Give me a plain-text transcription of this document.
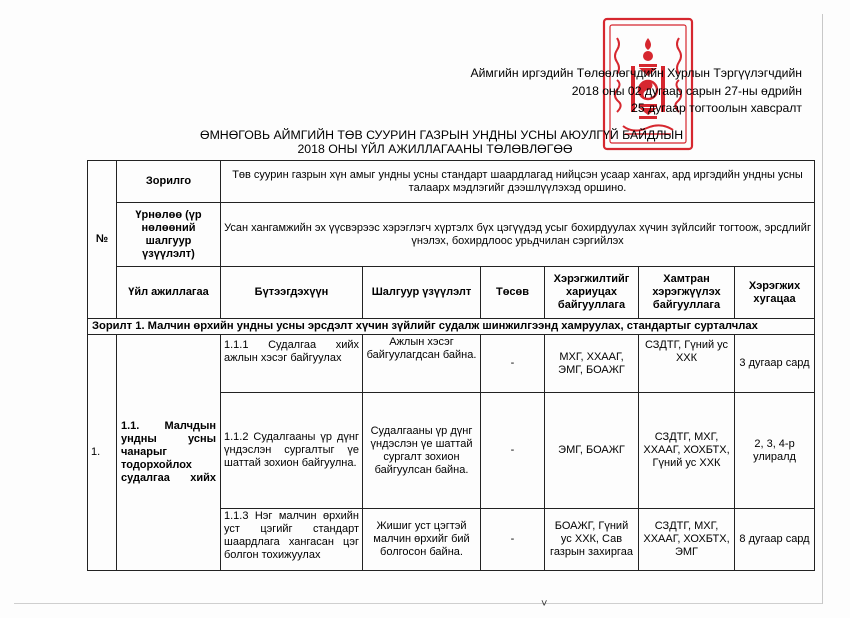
Аймгийн иргэдийн Төлөөлөгчдийн Хурлын Тэргүүлэгчдийн
2018 оны 02 дугаар сарын 27-ны өдрийн
25 дугаар тогтоолын хавсралт
ӨМНӨГОВЬ АЙМГИЙН ТӨВ СУУРИН ГАЗРЫН УНДНЫ УСНЫ АЮУЛГҮЙ БАЙДЛЫН
2018 ОНЫ ҮЙЛ АЖИЛЛАГААНЫ ТӨЛӨВЛӨГӨӨ
№	Зорилго	Төв суурин газрын хүн амыг ундны усны стандарт шаардлагад нийцсэн усаар хангах, ард иргэдийн ундны усны талаарх мэдлэгийг дээшлүүлэхэд оршино.					
	Үрнөлөө (үр нөлөөний шалгуур үзүүлэлт)	Усан хангамжийн эх үүсвэрээс хэрэглэгч хүртэлх бүх цэгүүдэд усыг бохирдуулах хүчин зүйлсийг тогтоож, эрсдлийг үнэлэх, бохирдлоос урьдчилан сэргийлэх					
	Үйл ажиллагаа	Бүтээгдэхүүн	Шалгуур үзүүлэлт	Төсөв	Хэрэгжилтийг хариуцах байгууллага	Хамтран хэрэгжүүлэх байгууллага	Хэрэгжих хугацаа
Зорилт 1. Малчин өрхийн ундны усны эрсдэлт хүчин зүйлийг судалж шинжилгээнд хамруулах, стандартыг сурталчлах							
1.	1.1. Малчдын ундны усны чанарыг тодорхойлох судалгаа хийх	1.1.1 Судалгаа хийх ажлын хэсэг байгуулах	Ажлын хэсэг байгуулагдсан байна.	-	МХГ, ХХААГ, ЭМГ, БОАЖГ	СЗДТГ, Гүний ус ХХК	3 дугаар сард
		1.1.2 Судалгааны үр дүнг үндэслэн сургалтыг үе шаттай зохион байгуулна.	Судалгааны үр дүнг үндэслэн үе шаттай сургалт зохион байгуулсан байна.	-	ЭМГ, БОАЖГ	СЗДТГ, МХГ, ХХААГ, ХОХБТХ, Гүний ус ХХК	2, 3, 4-р улиралд
		1.1.3 Нэг малчин өрхийн уст цэгийг стандарт шаардлага хангасан цэг болгон тохижуулах	Жишиг уст цэгтэй малчин өрхийг бий болгосон байна.	-	БОАЖГ, Гүний ус ХХК, Сав газрын захиргаа	СЗДТГ, МХГ, ХХААГ, ХОХБТХ, ЭМГ	8 дугаар сард
˅
